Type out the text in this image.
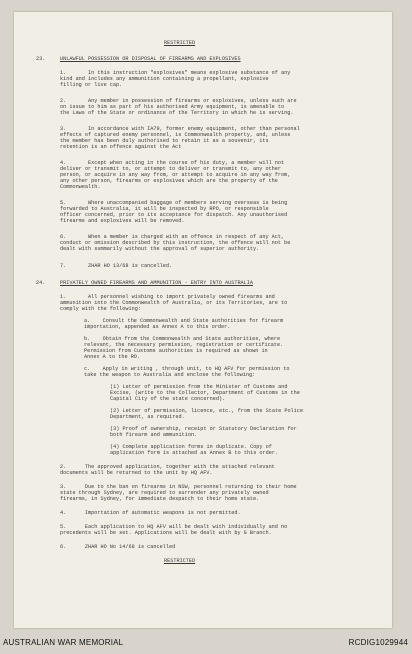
RESTRICTED
23.	UNLAWFUL POSSESSION OR DISPOSAL OF FIREARMS AND EXPLOSIVES
1.       In this instruction "explosives" means explosive substance of any
kind and includes any ammunition containing a propellant, explosive
filling or live cap.
2.       Any member in possession of firearms or explosives, unless such are
on issue to him as part of his authorised Army equipment, is amenable to
the Laws of the State or ordinance of the Territory in which he is serving.
3.       In accordance with IA79, former enemy equipment, other than personal
effects of captured enemy personnel, is Commonwealth property, and, unless
the member has been duly authorised to retain it as a souvenir, its
retention is an offence against the Act
4.       Except when acting in the course of his duty, a member will not
deliver or transmit to, or attempt to deliver or transmit to, any other
person, or acquire in any way from, or attempt to acquire in any way from,
any other person, firearms or explosives which are the property of the
Commonwealth.
5.       Where unaccompanied baggage of members serving overseas is being
forwarded to Australia, it will be inspected by RPO, or responsible
officer concerned, prior to its acceptance for dispatch. Any unauthorised
firearms and explosives will be removed.
6.       When a member is charged with an offence in respect of any Act,
conduct or omission described by this instruction, the offence will not be
dealt with summarily without the approval of superior authority.
7.       ZHAR HO 13/68 is cancelled.
24.	PRIVATELY OWNED FIREARMS AND AMMUNITION - ENTRY INTO AUSTRALIA
1.       All personnel wishing to import privately owned firearms and
ammunition into the Commonwealth of Australia, or its Territories, are to
comply with the following:
a.    Consult the Commonwealth and State authorities for firearm
importation, appended as Annex A to this order.
b.    Obtain from the Commonwealth and State authorities, where
relevant, the necessary permission, registration or certificate.
Permission from Customs authorities is required as shown in
Annex A to the RO.
c.    Apply in writing , through unit, to HQ AFV for permission to
take the weapon to Australia and enclose the following:
(1) Letter of permission from the Minister of Customs and
Excise, (write to the Collector, Department of Customs in the
Capital City of the state concerned).
(2) Letter of permission, licence, etc., from the State Police
Department, as required.
(3) Proof of ownership, receipt or Statutory Declaration for
both firearm and ammunition.
(4) Complete application forms in duplicate. Copy of
application form is attached as Annex B to this order.
2.      The approved application, together with the attached relevant
documents will be returned to the unit by HQ AFV.
3.      Due to the ban on firearms in NSW, personnel returning to their home
state through Sydney, are required to surrender any privately owned
firearms, in Sydney, for immediate despatch to their home state.
4.      Importation of automatic weapons is not permitted.
5.      Each application to HQ AFV will be dealt with individually and no
precedents will be set. Applications will be dealt with by G Branch.
6.      ZHAR HO No 14/68 is cancelled
RESTRICTED
AUSTRALIAN WAR MEMORIAL	RCDIG1029944
